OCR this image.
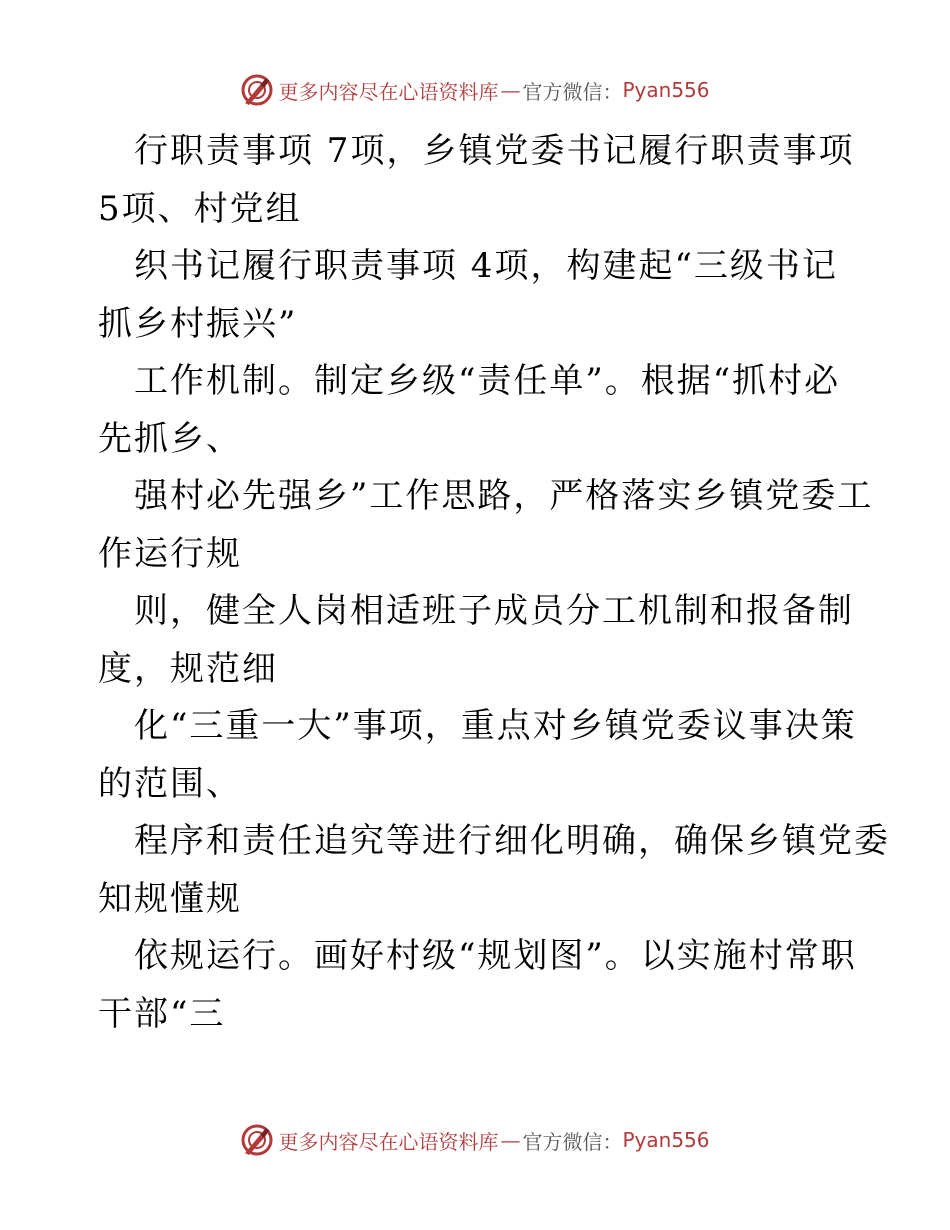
更多内容尽在心语资料库 — 官方微信： Pyan556
行职责事项 7项，乡镇党委书记履行职责事项
5项、村党组
织书记履行职责事项 4项，构建起“三级书记
抓乡村振兴”
工作机制。制定乡级“责任单”。根据“抓村必
先抓乡、
强村必先强乡”工作思路，严格落实乡镇党委工
作运行规
则，健全人岗相适班子成员分工机制和报备制
度，规范细
化“三重一大”事项，重点对乡镇党委议事决策
的范围、
程序和责任追究等进行细化明确，确保乡镇党委
知规懂规
依规运行。画好村级“规划图”。以实施村常职
干部“三
更多内容尽在心语资料库 — 官方微信： Pyan556
